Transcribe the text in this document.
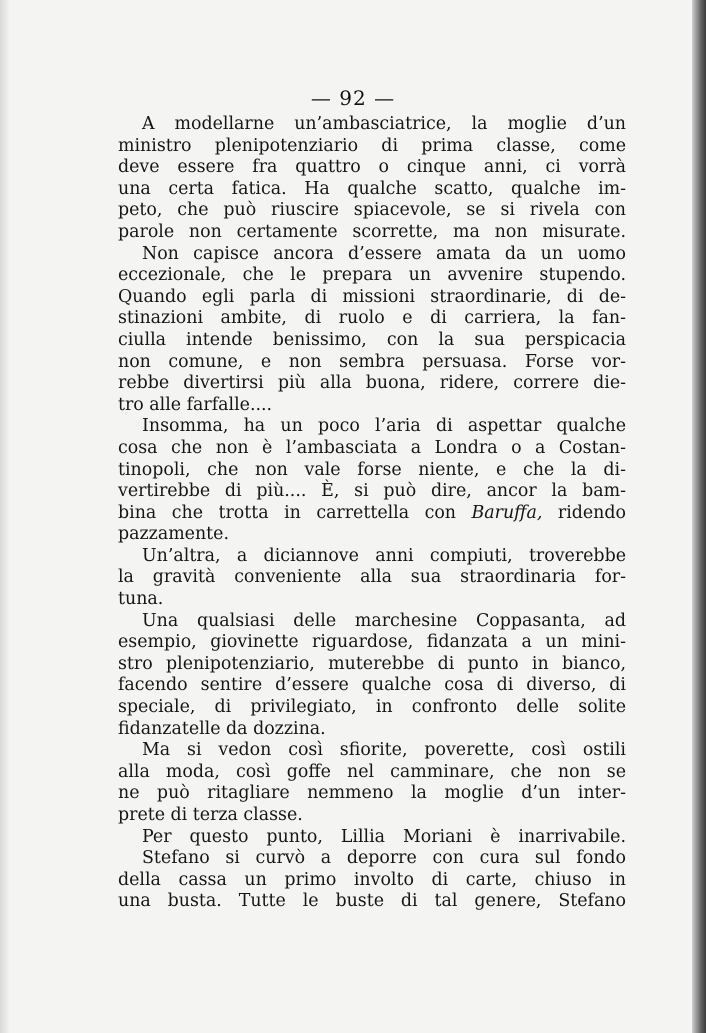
— 92 —
A modellarne un’ambasciatrice, la moglie d’un
ministro plenipotenziario di prima classe, come
deve essere fra quattro o cinque anni, ci vorrà
una certa fatica. Ha qualche scatto, qualche im-
peto, che può riuscire spiacevole, se si rivela con
parole non certamente scorrette, ma non misurate.
Non capisce ancora d’essere amata da un uomo
eccezionale, che le prepara un avvenire stupendo.
Quando egli parla di missioni straordinarie, di de-
stinazioni ambite, di ruolo e di carriera, la fan-
ciulla intende benissimo, con la sua perspicacia
non comune, e non sembra persuasa. Forse vor-
rebbe divertirsi più alla buona, ridere, correre die-
tro alle farfalle....
Insomma, ha un poco l’aria di aspettar qualche
cosa che non è l’ambasciata a Londra o a Costan-
tinopoli, che non vale forse niente, e che la di-
vertirebbe di più.... È, si può dire, ancor la bam-
bina che trotta in carrettella con Baruffa, ridendo
pazzamente.
Un’altra, a diciannove anni compiuti, troverebbe
la gravità conveniente alla sua straordinaria for-
tuna.
Una qualsiasi delle marchesine Coppasanta, ad
esempio, giovinette riguardose, fidanzata a un mini-
stro plenipotenziario, muterebbe di punto in bianco,
facendo sentire d’essere qualche cosa di diverso, di
speciale, di privilegiato, in confronto delle solite
fidanzatelle da dozzina.
Ma si vedon così sfiorite, poverette, così ostili
alla moda, così goffe nel camminare, che non se
ne può ritagliare nemmeno la moglie d’un inter-
prete di terza classe.
Per questo punto, Lillia Moriani è inarrivabile.
Stefano si curvò a deporre con cura sul fondo
della cassa un primo involto di carte, chiuso in
una busta. Tutte le buste di tal genere, Stefano
